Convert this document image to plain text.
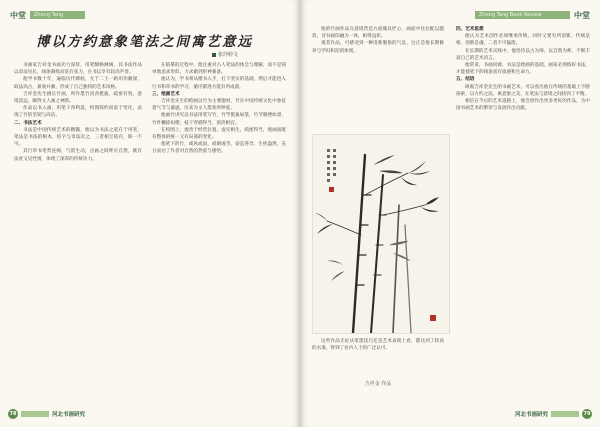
中堂	Zhong Tang
博以方约意象笔法之间寓艺意远
张玲婷文

书画家吉祥金书画功力深厚，用笔酣畅淋漓，其书法作品以章法见长，线条凝练而富有张力，在书坛享有较高声誉。

他学书数十年，遍临历代碑帖，尤于二王一路用功颇深，取法高古，兼收并蓄，形成了自己独特的艺术风格。

吉祥金先生擅长竹画，所作墨竹清劲挺拔，疏密有致，意境清远，颇得文人画之神韵。

作品以书入画，用笔干净利落，构图简约而富于变化，表现了竹的坚韧与高洁。

二、书法艺术

书法是中国传统艺术的精髓，他以为书法之道在于用笔，笔法是书法的根本，结字与章法次之，三者相互依存，缺一不可。

其行草书笔势连绵，气韵生动，点画之间呼应自然，既有法度又见性情，体现了深厚的传统功力。

在临摹的过程中，他注重对古人笔法的体会与理解，而不是简单地追求形似，力求做到形神兼备。

他认为，学书须从楷书入手，打下坚实的基础，然后才能进入行书和草书的学习，循序渐进方能有所成就。

三、绘画艺术

吉祥金先生的绘画以竹为主要题材，竹在中国传统文化中象征着气节与谦逊，历来为文人墨客所钟爱。

他画竹讲究以书法用笔写竹，竹竿挺拔如篆，竹节顿挫如隶，竹叶撇捺如楷，枝干穿插得当，浓淡相宜。

在构图上，他善于经营位置，虚实相生，疏密得当，使画面既有整体的统一又有局部的变化。

他笔下的竹，或风或雨，或晴或雪，姿态各异，生机盎然，充分表达了作者对自然的热爱与感悟。

78	河北书画研究
中堂
Zhong Tang Book Review

他的竹画作品在意境营造方面颇具匠心，画面中往往配以题款，诗书画印融为一体，相得益彰。

观其作品，可感受到一种清新脱俗的气息，这正是他长期修养与学识积淀的体现。

这些作品无论从笔墨技巧还是艺术表现上看，都达到了较高的水准，得到了业内人士的广泛认可。

吉祥金 作品

四、艺术思想

他认为艺术创作必须继承传统，同时又要有所创新，传统是根，创新是魂，二者不可偏废。

在长期的艺术实践中，他坚持以古为师、以自然为师，不断丰富自己的艺术语言。

他常说，书画同源，书法是绘画的基础，画家必须练好书法，才能使笔下的线条富有质感和生命力。

五、结语

纵观吉祥金先生的书画艺术，可以看出他在传统的基础上不断探索，以方约之法，寓意象之美，在笔法与意境之间找到了平衡。

相信在今后的艺术道路上，他会创作出更多更好的作品，为中国书画艺术的繁荣与发展作出贡献。

79
河北书画研究
